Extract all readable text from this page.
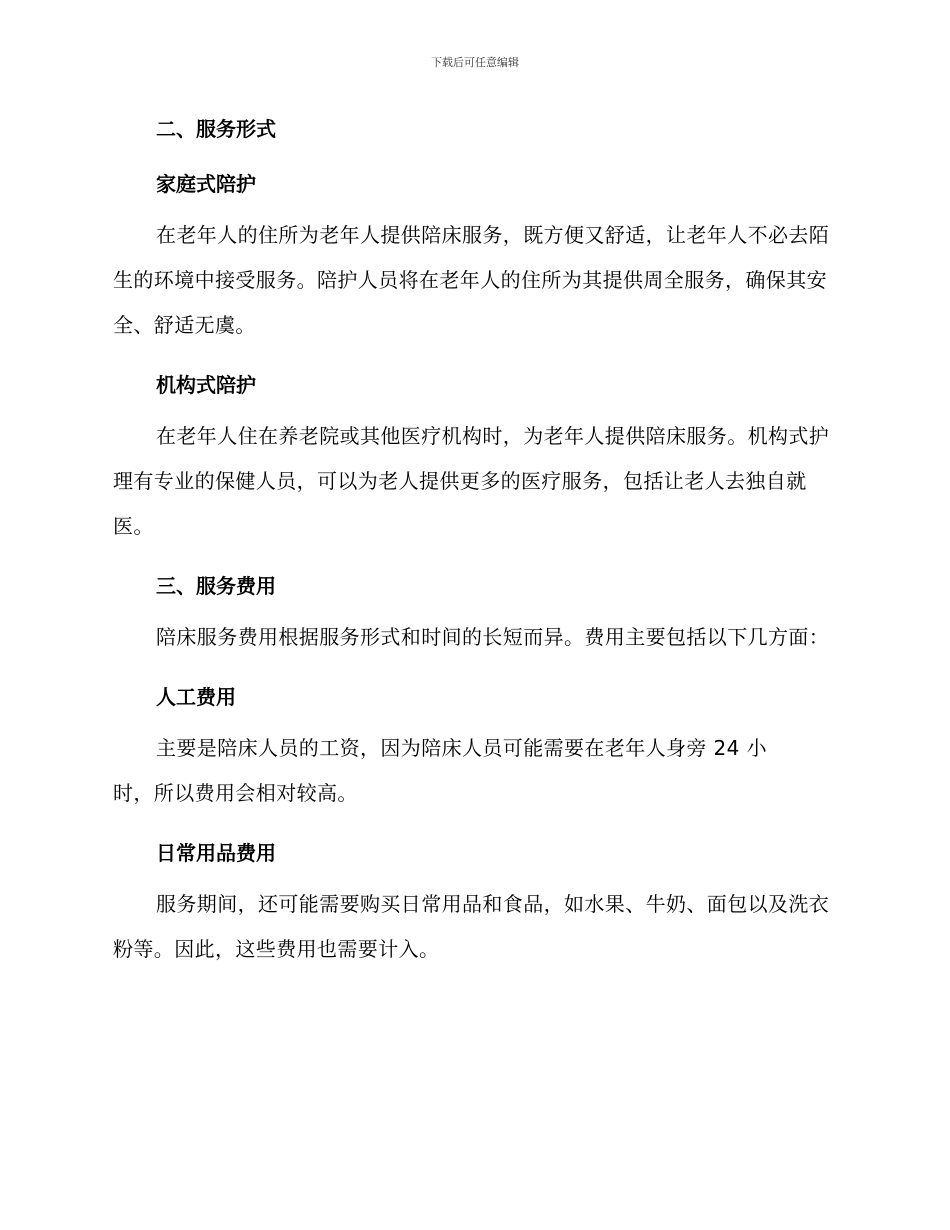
下载后可任意编辑
二、服务形式
家庭式陪护

在老年人的住所为老年人提供陪床服务，既方便又舒适，让老年人不必去陌生的环境中接受服务。陪护人员将在老年人的住所为其提供周全服务，确保其安全、舒适无虞。

机构式陪护

在老年人住在养老院或其他医疗机构时，为老年人提供陪床服务。机构式护理有专业的保健人员，可以为老人提供更多的医疗服务，包括让老人去独自就医。

三、服务费用

陪床服务费用根据服务形式和时间的长短而异。费用主要包括以下几方面：

人工费用

主要是陪床人员的工资，因为陪床人员可能需要在老年人身旁 24 小

时，所以费用会相对较高。

日常用品费用

服务期间，还可能需要购买日常用品和食品，如水果、牛奶、面包以及洗衣粉等。因此，这些费用也需要计入。
